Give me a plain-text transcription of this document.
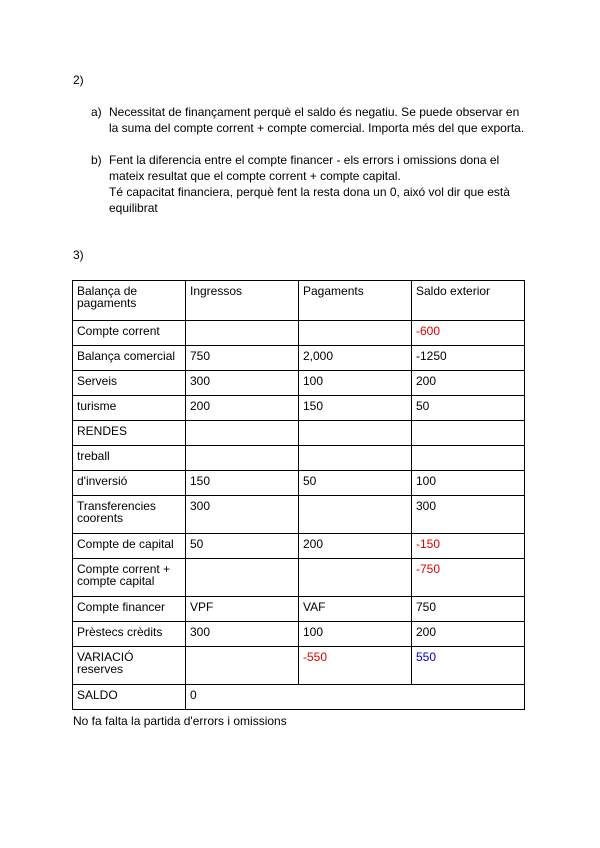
2)
a) Necessitat de finançament perquè el saldo és negatiu. Se puede observar en
la suma del compte corrent + compte comercial. Importa més del que exporta.
b) Fent la diferencia entre el compte financer - els errors i omissions dona el
mateix resultat que el compte corrent + compte capital.
Té capacitat financiera, perquè fent la resta dona un 0, aixó vol dir que està
equilibrat
3)
Balança de pagaments	Ingressos	Pagaments	Saldo exterior
Compte corrent			-600
Balança comercial	750	2,000	-1250
Serveis	300	100	200
turisme	200	150	50
RENDES			
treball			
d'inversió	150	50	100
Transferencies coorents	300		300
Compte de capital	50	200	-150
Compte corrent + compte capital			-750
Compte financer	VPF	VAF	750
Prèstecs crèdits	300	100	200
VARIACIÓ reserves		-550	550
SALDO	0		
No fa falta la partida d'errors i omissions
